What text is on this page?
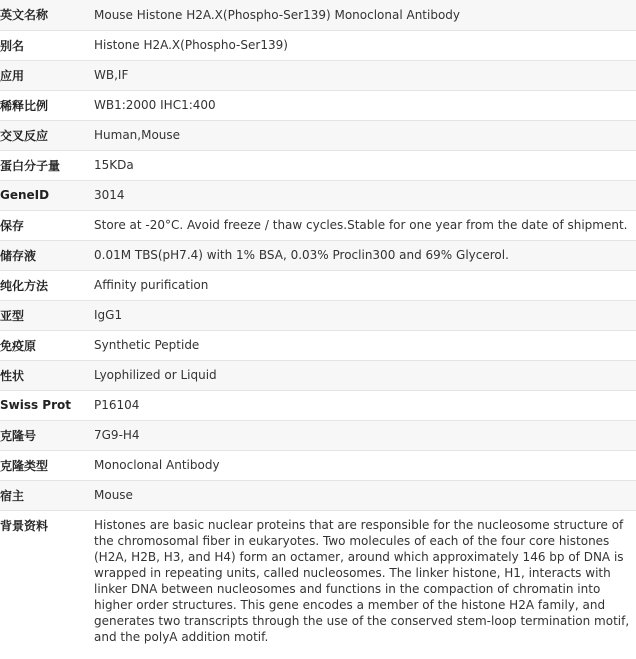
英文名称	Mouse Histone H2A.X(Phospho-Ser139) Monoclonal Antibody
别名	Histone H2A.X(Phospho-Ser139)
应用	WB,IF
稀释比例	WB1:2000 IHC1:400
交叉反应	Human,Mouse
蛋白分子量	15KDa
GeneID	3014
保存	Store at -20°C. Avoid freeze / thaw cycles.Stable for one year from the date of shipment.
储存液	0.01M TBS(pH7.4) with 1% BSA, 0.03% Proclin300 and 69% Glycerol.
纯化方法	Affinity purification
亚型	IgG1
免疫原	Synthetic Peptide
性状	Lyophilized or Liquid
Swiss Prot	P16104
克隆号	7G9-H4
克隆类型	Monoclonal Antibody
宿主	Mouse
背景资料	Histones are basic nuclear proteins that are responsible for the nucleosome structure of the chromosomal fiber in eukaryotes. Two molecules of each of the four core histones (H2A, H2B, H3, and H4) form an octamer, around which approximately 146 bp of DNA is wrapped in repeating units, called nucleosomes. The linker histone, H1, interacts with linker DNA between nucleosomes and functions in the compaction of chromatin into higher order structures. This gene encodes a member of the histone H2A family, and generates two transcripts through the use of the conserved stem-loop termination motif, and the polyA addition motif.
